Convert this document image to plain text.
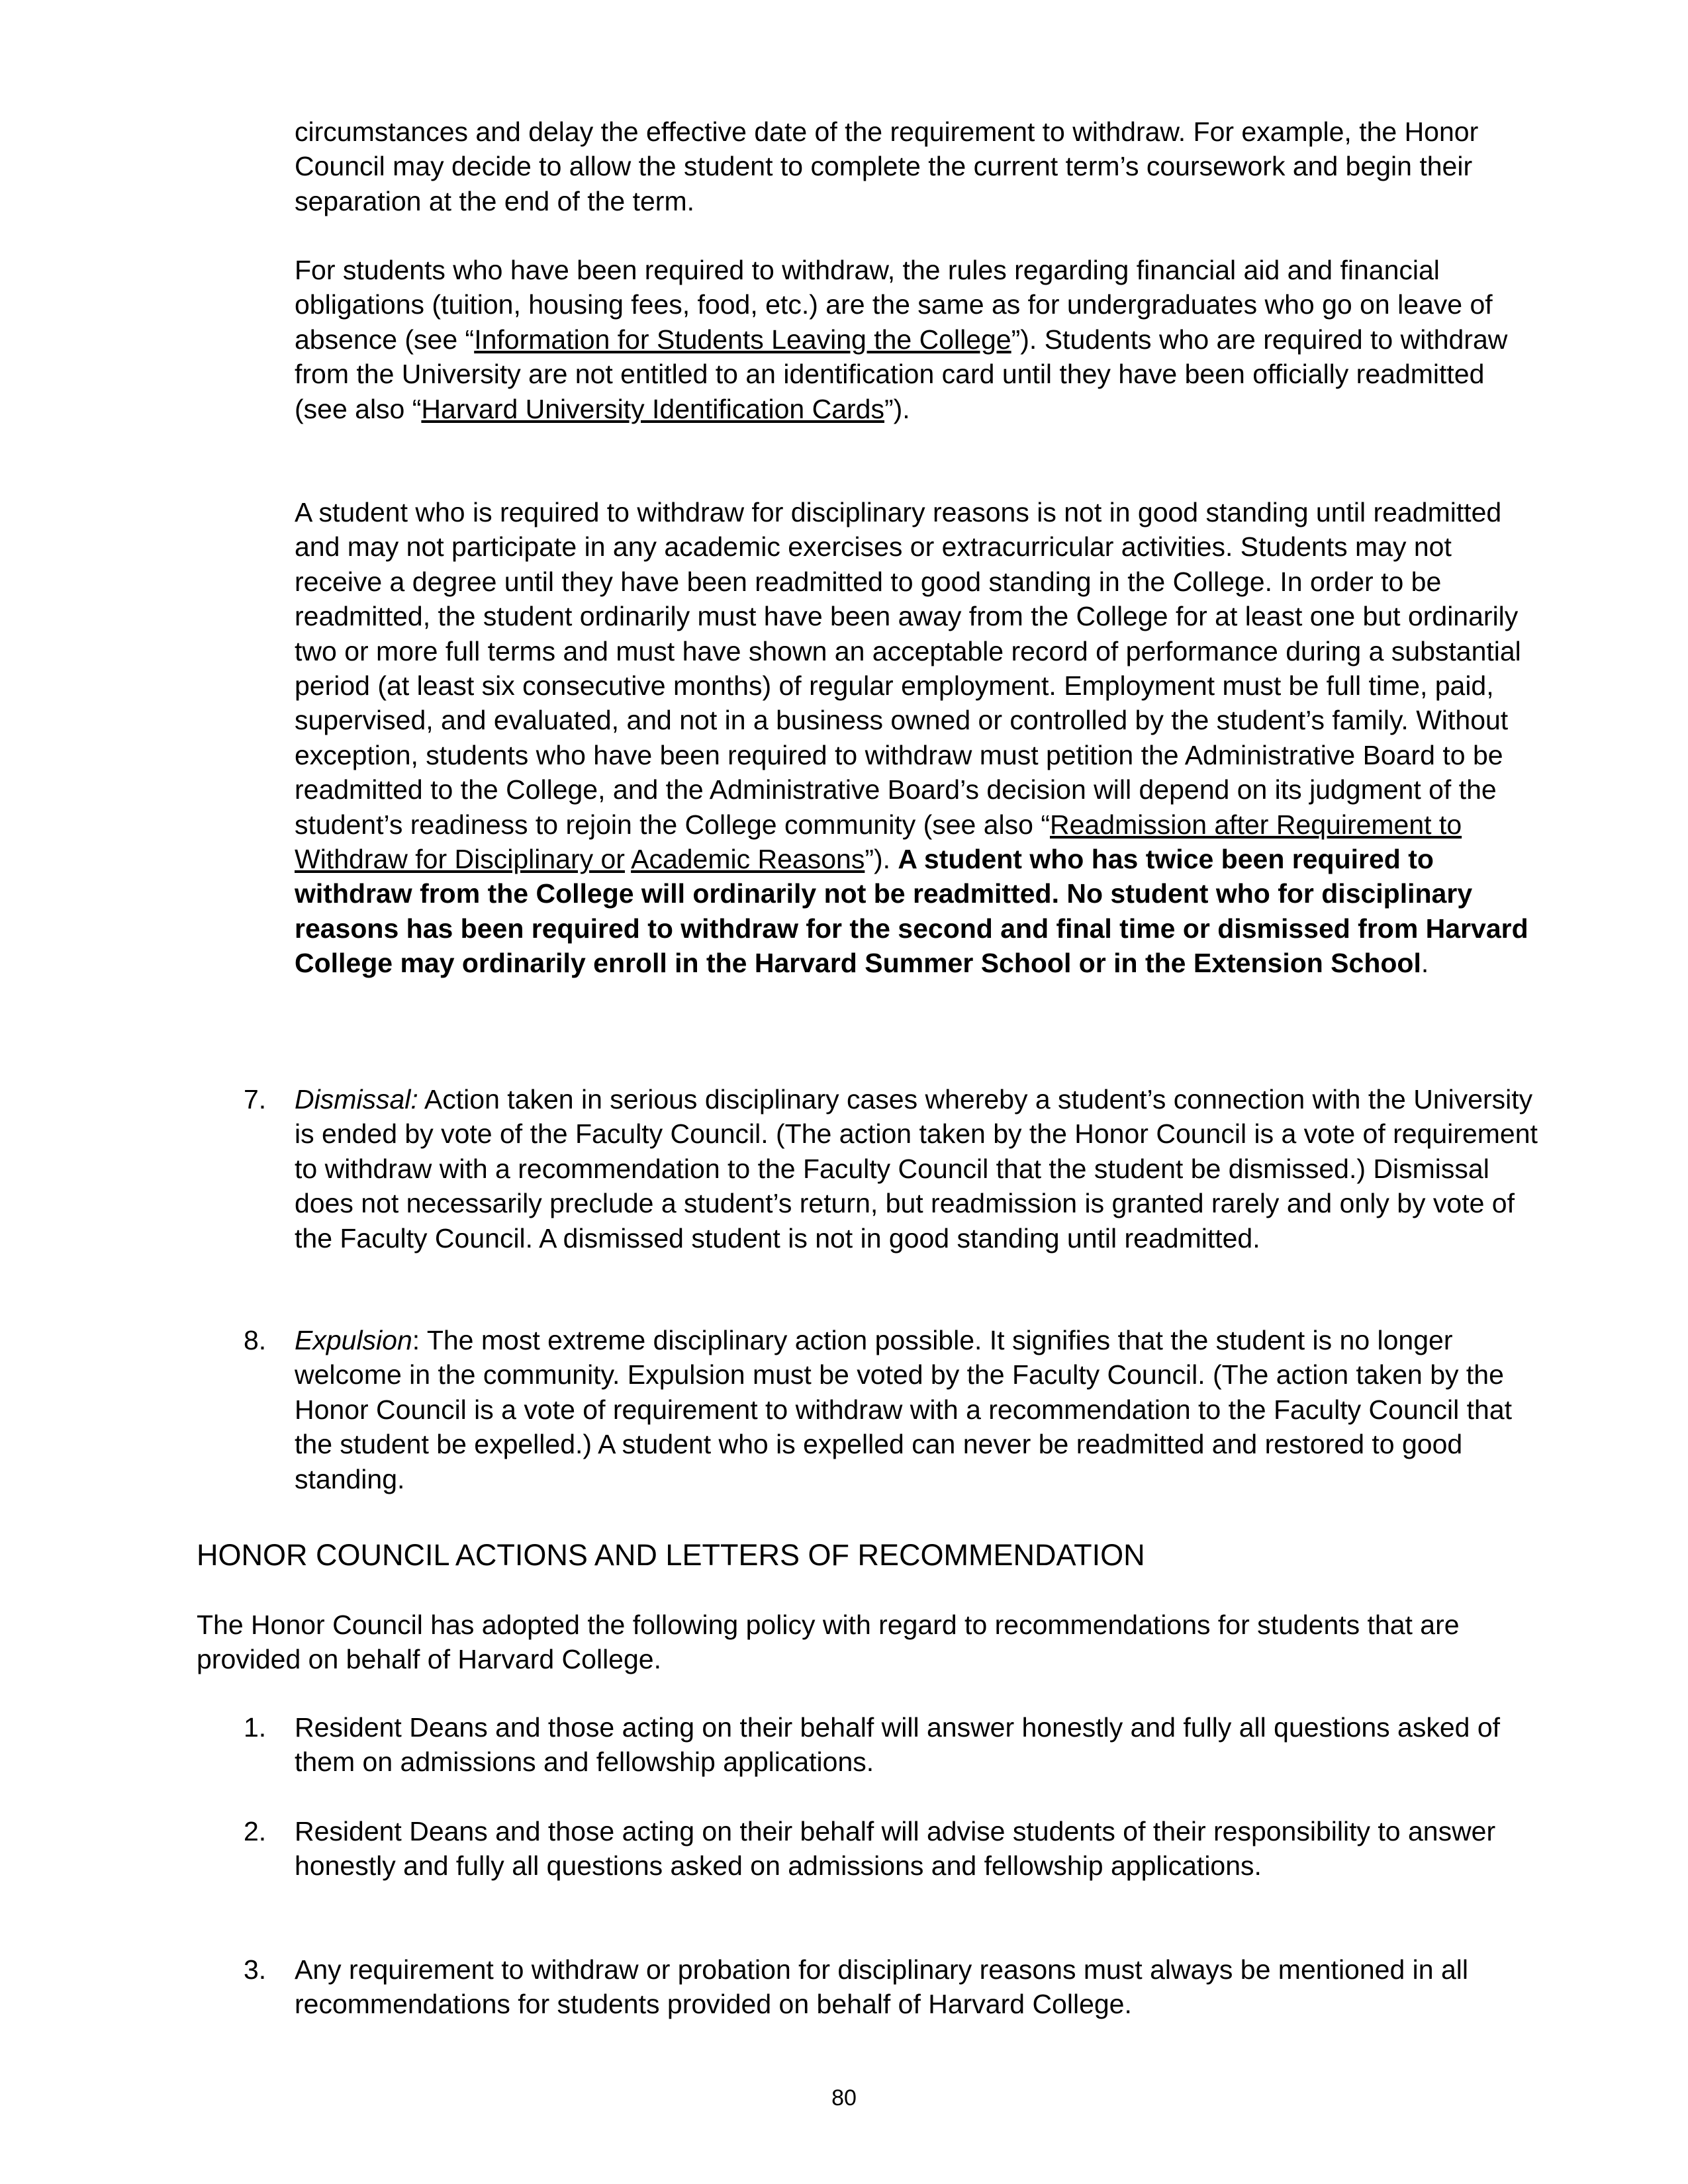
circumstances and delay the effective date of the requirement to withdraw. For example, the Honor Council may decide to allow the student to complete the current term’s coursework and begin their separation at the end of the term.

For students who have been required to withdraw, the rules regarding financial aid and financial obligations (tuition, housing fees, food, etc.) are the same as for undergraduates who go on leave of absence (see “Information for Students Leaving the College”). Students who are required to withdraw from the University are not entitled to an identification card until they have been officially readmitted (see also “Harvard University Identification Cards”).

A student who is required to withdraw for disciplinary reasons is not in good standing until readmitted and may not participate in any academic exercises or extracurricular activities. Students may not receive a degree until they have been readmitted to good standing in the College. In order to be readmitted, the student ordinarily must have been away from the College for at least one but ordinarily two or more full terms and must have shown an acceptable record of performance during a substantial period (at least six consecutive months) of regular employment. Employment must be full time, paid, supervised, and evaluated, and not in a business owned or controlled by the student’s family. Without exception, students who have been required to withdraw must petition the Administrative Board to be readmitted to the College, and the Administrative Board’s decision will depend on its judgment of the student’s readiness to rejoin the College community (see also “Readmission after Requirement to Withdraw for Disciplinary or Academic Reasons”). A student who has twice been required to withdraw from the College will ordinarily not be readmitted. No student who for disciplinary reasons has been required to withdraw for the second and final time or dismissed from Harvard College may ordinarily enroll in the Harvard Summer School or in the Extension School.

7. Dismissal: Action taken in serious disciplinary cases whereby a student’s connection with the University is ended by vote of the Faculty Council. (The action taken by the Honor Council is a vote of requirement to withdraw with a recommendation to the Faculty Council that the student be dismissed.) Dismissal does not necessarily preclude a student’s return, but readmission is granted rarely and only by vote of the Faculty Council. A dismissed student is not in good standing until readmitted.

8. Expulsion: The most extreme disciplinary action possible. It signifies that the student is no longer welcome in the community. Expulsion must be voted by the Faculty Council. (The action taken by the Honor Council is a vote of requirement to withdraw with a recommendation to the Faculty Council that the student be expelled.) A student who is expelled can never be readmitted and restored to good standing.

HONOR COUNCIL ACTIONS AND LETTERS OF RECOMMENDATION

The Honor Council has adopted the following policy with regard to recommendations for students that are provided on behalf of Harvard College.

1. Resident Deans and those acting on their behalf will answer honestly and fully all questions asked of them on admissions and fellowship applications.

2. Resident Deans and those acting on their behalf will advise students of their responsibility to answer honestly and fully all questions asked on admissions and fellowship applications.

3. Any requirement to withdraw or probation for disciplinary reasons must always be mentioned in all recommendations for students provided on behalf of Harvard College.

80
